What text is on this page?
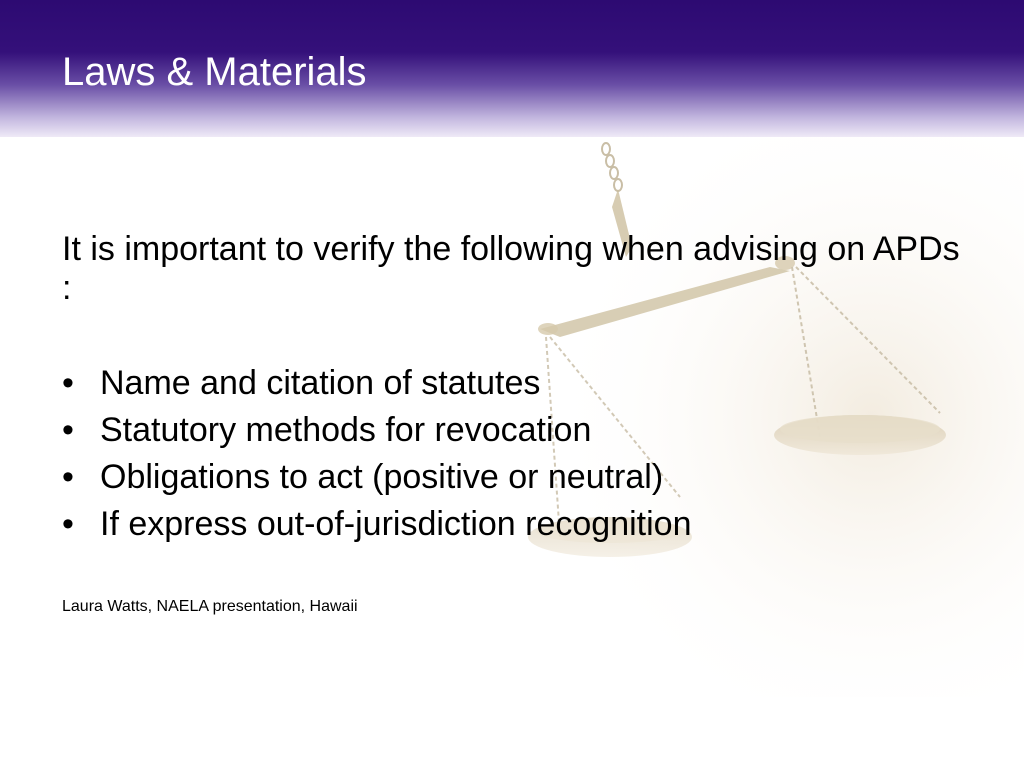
Laws & Materials
It is important to verify the following when advising on APDs :
• Name and citation of statutes
• Statutory methods for revocation
• Obligations to act (positive or neutral)
• If express out-of-jurisdiction recognition
Laura Watts, NAELA presentation, Hawaii
